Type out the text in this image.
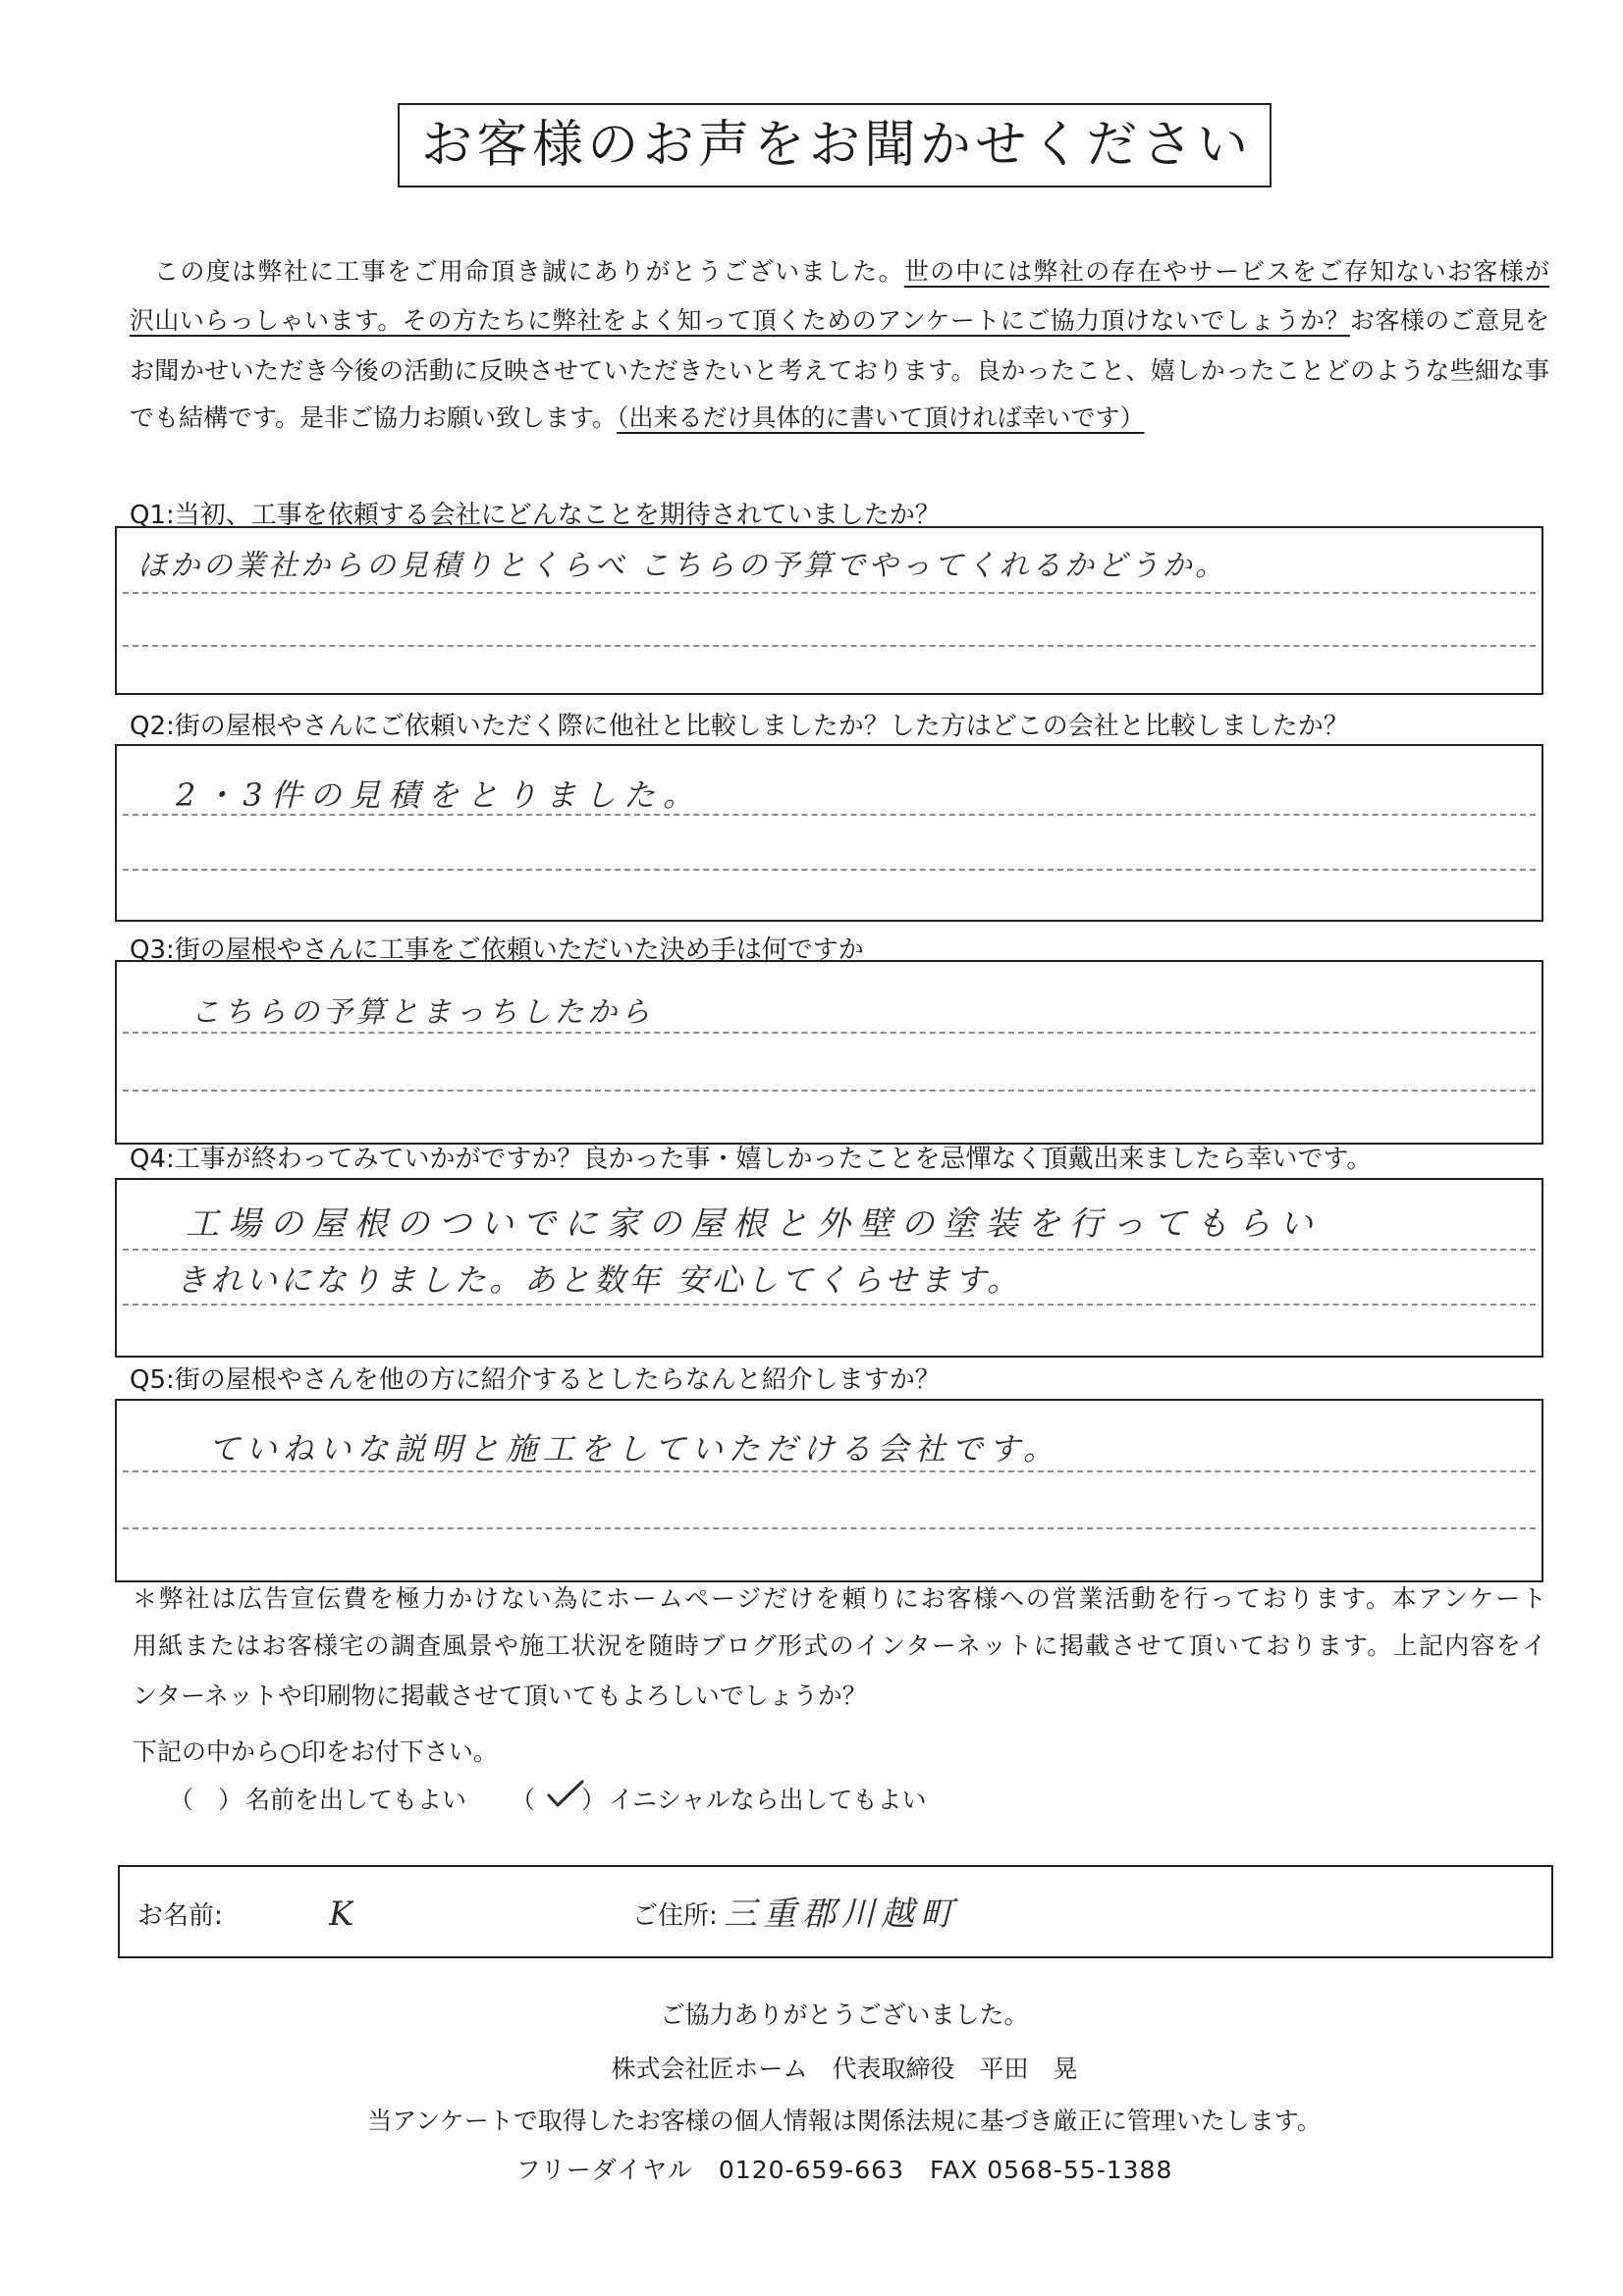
お客様のお声をお聞かせください
この度は弊社に工事をご用命頂き誠にありがとうございました。世の中には弊社の存在やサービスをご存知ないお客様が
沢山いらっしゃいます。その方たちに弊社をよく知って頂くためのアンケートにご協力頂けないでしょうか？お客様のご意見を
お聞かせいただき今後の活動に反映させていただきたいと考えております。良かったこと、嬉しかったことどのような些細な事
でも結構です。是非ご協力お願い致します。（出来るだけ具体的に書いて頂ければ幸いです）
Q1:当初、工事を依頼する会社にどんなことを期待されていましたか？
ほかの業社からの見積りとくらべ こちらの予算でやってくれるかどうか。
Q2:街の屋根やさんにご依頼いただく際に他社と比較しましたか？した方はどこの会社と比較しましたか？
2・3件の見積をとりました。
Q3:街の屋根やさんに工事をご依頼いただいた決め手は何ですか
こちらの予算とまっちしたから
Q4:工事が終わってみていかがですか？良かった事・嬉しかったことを忌憚なく頂戴出来ましたら幸いです。
工場の屋根のついでに家の屋根と外壁の塗装を行ってもらい
きれいになりました。あと数年 安心してくらせます。
Q5:街の屋根やさんを他の方に紹介するとしたらなんと紹介しますか？
ていねいな説明と施工をしていただける会社です。
＊弊社は広告宣伝費を極力かけない為にホームページだけを頼りにお客様への営業活動を行っております。本アンケート
用紙またはお客様宅の調査風景や施工状況を随時ブログ形式のインターネットに掲載させて頂いております。上記内容をイ
ンターネットや印刷物に掲載させて頂いてもよろしいでしょうか？
下記の中から○印をお付下さい。
（ ） 名前を出してもよい （ ） イニシャルなら出してもよい
お名前:	K	ご住所: 三重郡川越町
ご協力ありがとうございました。
株式会社匠ホーム　代表取締役　平田　晃
当アンケートで取得したお客様の個人情報は関係法規に基づき厳正に管理いたします。
フリーダイヤル　0120-659-663　FAX 0568-55-1388
